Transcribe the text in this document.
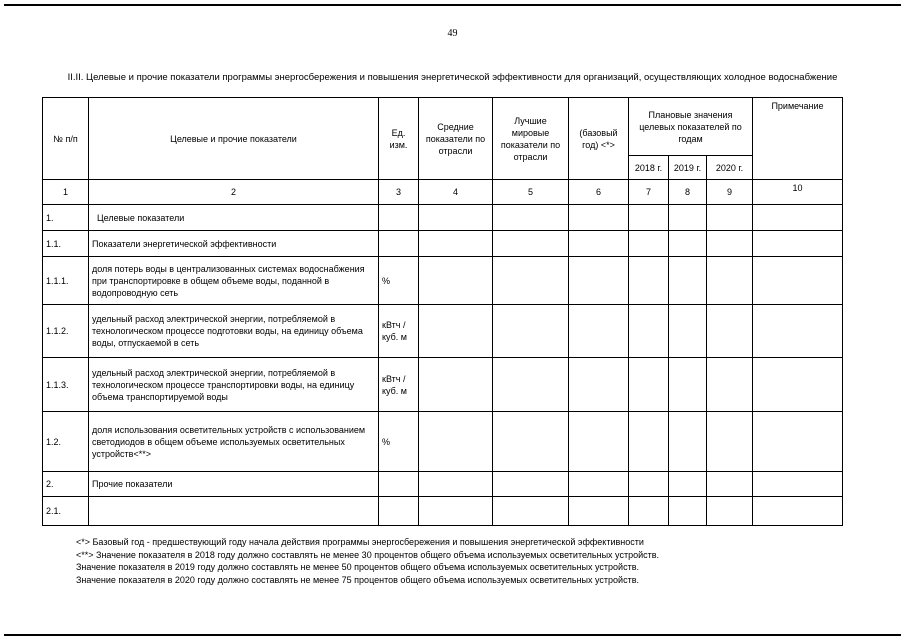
49
II.II. Целевые и прочие показатели программы энергосбережения и повышения энергетической эффективности для организаций, осуществляющих холодное водоснабжение
№ п/п	Целевые и прочие показатели	Ед. изм.	Средние показатели по отрасли	Лучшие мировые показатели по отрасли	(базовый год) <*>	Плановые значения целевых показателей по годам			Примечание
						2018 г.	2019 г.	2020 г.	
1	2	3	4	5	6	7	8	9	10
1.	Целевые показатели								
1.1.	Показатели энергетической эффективности								
1.1.1.	доля потерь воды в централизованных системах водоснабжения при транспортировке в общем объеме воды, поданной в водопроводную сеть	%							
1.1.2.	удельный расход электрической энергии, потребляемой в технологическом процессе подготовки воды, на единицу объема воды, отпускаемой в сеть	кВтч /куб. м							
1.1.3.	удельный расход электрической энергии, потребляемой в технологическом процессе транспортировки воды, на единицу объема транспортируемой воды	кВтч /куб. м							
1.2.	доля использования осветительных устройств с использованием светодиодов в общем объеме используемых осветительных устройств<**>	%							
2.	Прочие показатели								
2.1.									
<*> Базовый год - предшествующий году начала действия программы энергосбережения и повышения энергетической эффективности
<**> Значение показателя в 2018 году должно составлять не менее 30 процентов общего объема используемых осветительных устройств.
Значение показателя в 2019 году должно составлять не менее 50 процентов общего объема используемых осветительных устройств.
Значение показателя в 2020 году должно составлять не менее 75 процентов общего объема используемых осветительных устройств.
